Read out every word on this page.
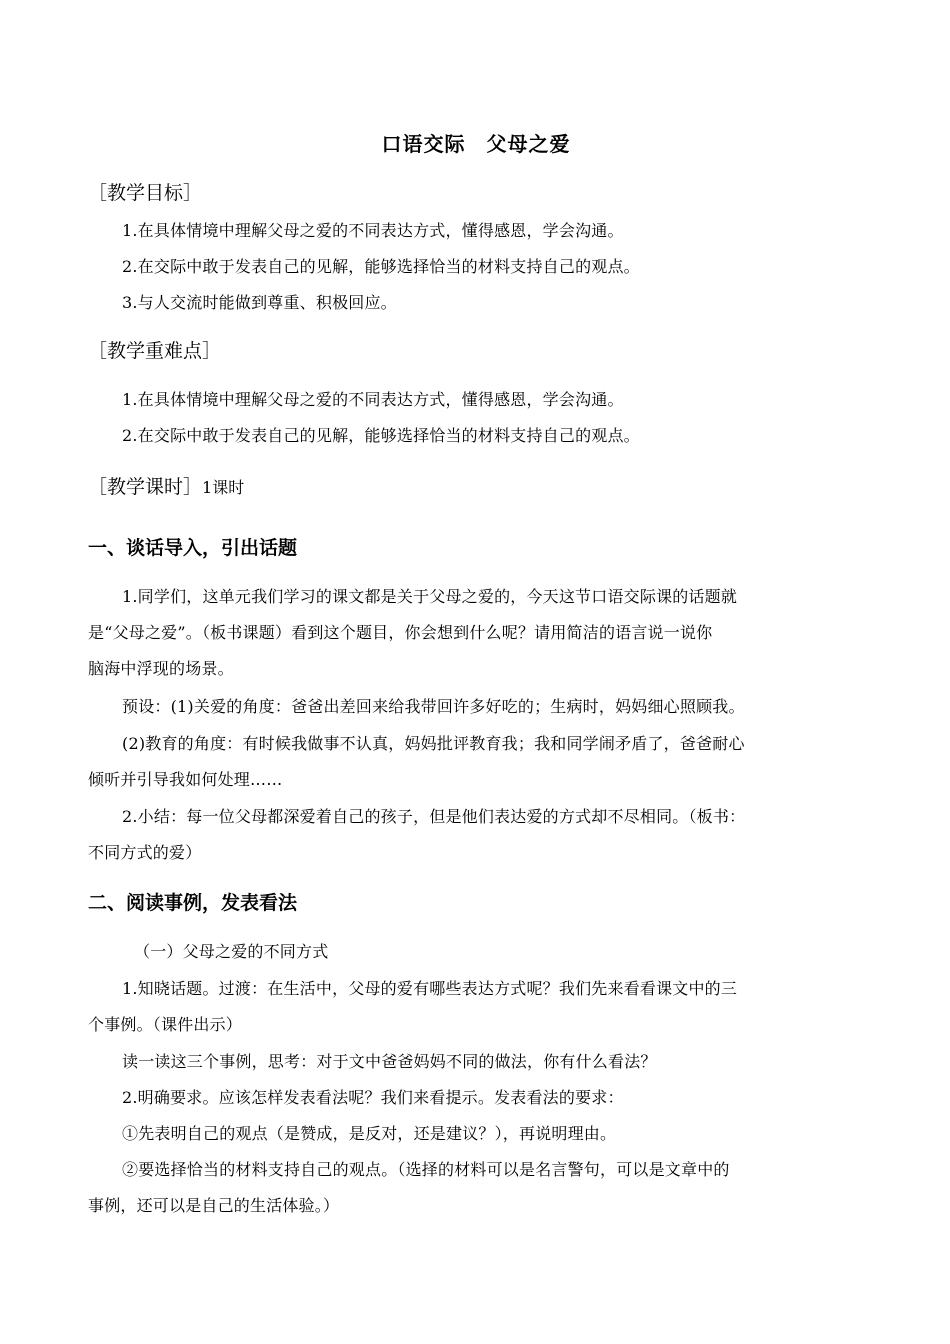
口语交际　父母之爱
［教学目标］
1.在具体情境中理解父母之爱的不同表达方式，懂得感恩，学会沟通。
2.在交际中敢于发表自己的见解，能够选择恰当的材料支持自己的观点。
3.与人交流时能做到尊重、积极回应。
［教学重难点］
1.在具体情境中理解父母之爱的不同表达方式，懂得感恩，学会沟通。
2.在交际中敢于发表自己的见解，能够选择恰当的材料支持自己的观点。
［教学课时］1课时
一、谈话导入，引出话题
1.同学们，这单元我们学习的课文都是关于父母之爱的，今天这节口语交际课的话题就
是“父母之爱”。（板书课题）看到这个题目，你会想到什么呢？请用简洁的语言说一说你
脑海中浮现的场景。
预设：(1)关爱的角度：爸爸出差回来给我带回许多好吃的；生病时，妈妈细心照顾我。
(2)教育的角度：有时候我做事不认真，妈妈批评教育我；我和同学闹矛盾了，爸爸耐心
倾听并引导我如何处理……
2.小结：每一位父母都深爱着自己的孩子，但是他们表达爱的方式却不尽相同。（板书：
不同方式的爱）
二、阅读事例，发表看法
（一）父母之爱的不同方式
1.知晓话题。过渡：在生活中，父母的爱有哪些表达方式呢？我们先来看看课文中的三
个事例。（课件出示）
读一读这三个事例，思考：对于文中爸爸妈妈不同的做法，你有什么看法？
2.明确要求。应该怎样发表看法呢？我们来看提示。发表看法的要求：
①先表明自己的观点（是赞成，是反对，还是建议？），再说明理由。
②要选择恰当的材料支持自己的观点。（选择的材料可以是名言警句，可以是文章中的
事例，还可以是自己的生活体验。）
